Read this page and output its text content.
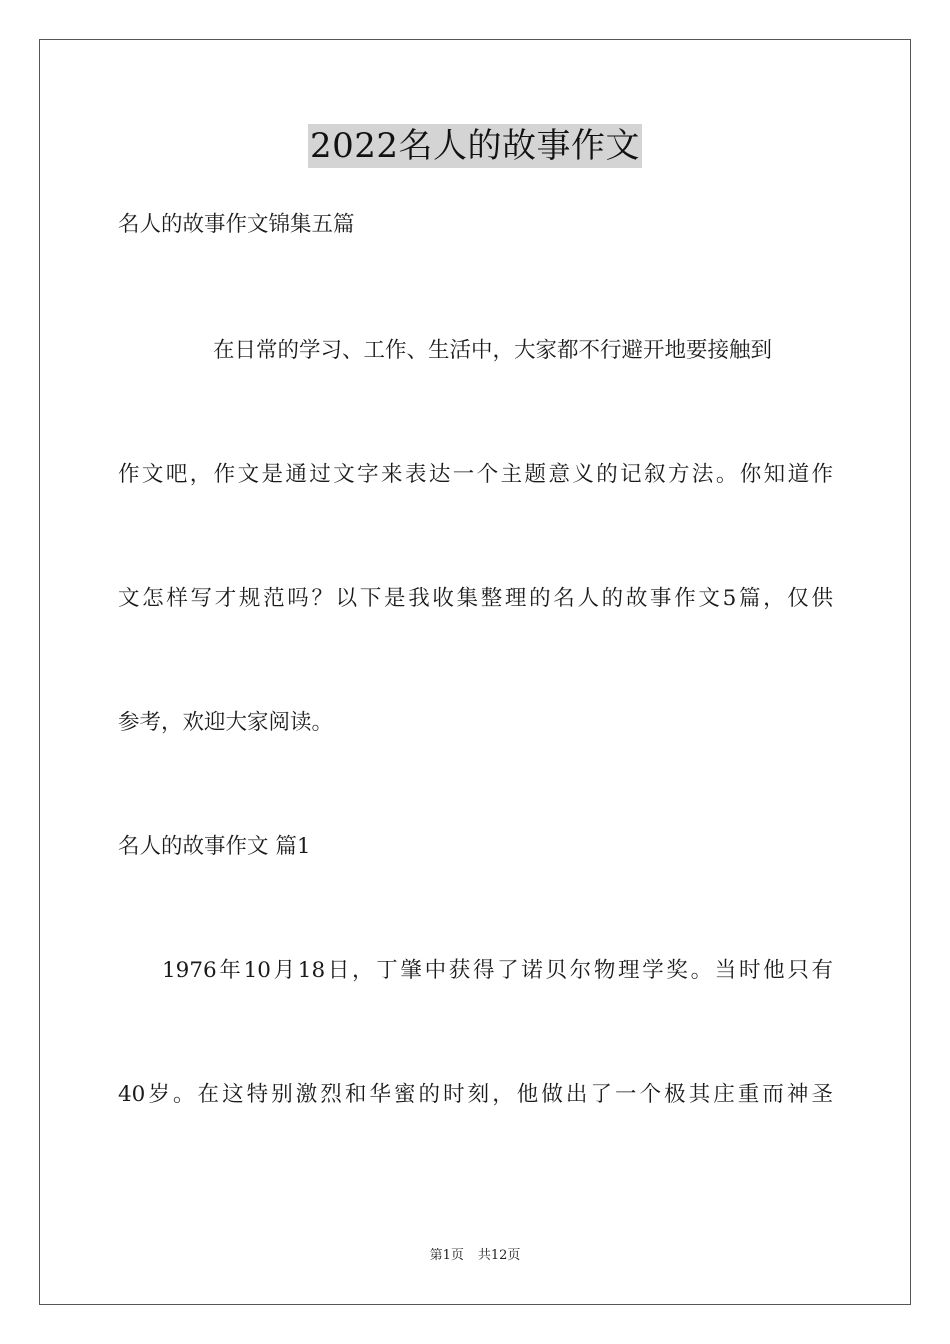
2022名人的故事作文
名人的故事作文锦集五篇
在日常的学习、工作、生活中，大家都不行避开地要接触到
作文吧，作文是通过文字来表达一个主题意义的记叙方法。你知道作
文怎样写才规范吗？以下是我收集整理的名人的故事作文5篇，仅供
参考，欢迎大家阅读。
名人的故事作文 篇1
1976年10月18日，丁肇中获得了诺贝尔物理学奖。当时他只有
40岁。在这特别激烈和华蜜的时刻，他做出了一个极其庄重而神圣
第1页 共12页
